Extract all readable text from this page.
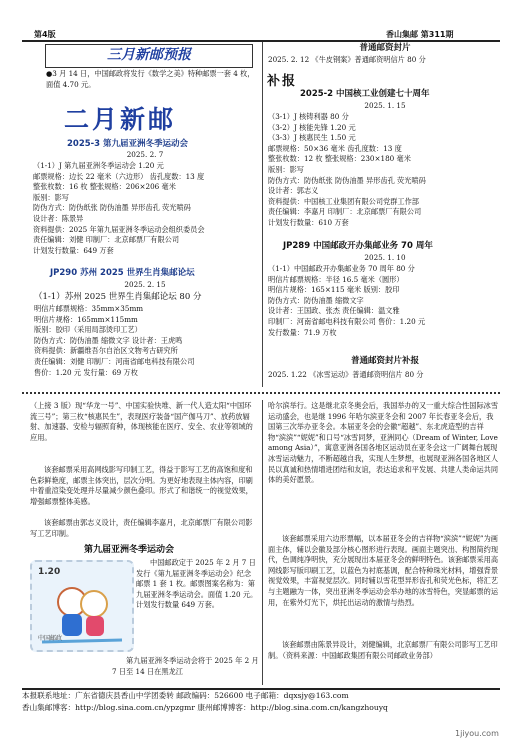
第4版	香山集邮 第311期
三月新邮预报
●3 月 14 日，中国邮政将发行《数学之美》特种邮票一套 4 枚，面值 4.70 元。
二月新邮
2025-3 第九届亚洲冬季运动会
2025. 2. 7
（1-1）J 第九届亚洲冬季运动会 1.20 元
邮票规格：边长 22 毫米（六边形） 齿孔度数：13 度
整张枚数：16 枚 整张规格：206×206 毫米
版别：影写
防伪方式：防伪纸张 防伪油墨 异形齿孔 荧光喷码
设计者：陈景异
资料提供：2025 年第九届亚洲冬季运动会组织委员会
责任编辑：刘健 印制厂：北京邮票厂有限公司
计划发行数量：649 万套
JP290 苏州 2025 世界生肖集邮论坛
2025. 2. 15
（1-1）苏州 2025 世界生肖集邮论坛 80 分
明信片邮票规格：35mm×35mm
明信片规格：165mm×115mm
版别：胶印（采用局部烫印工艺）
防伪方式：防伪油墨 缩微文字 设计者：王虎鸣
资料提供：新疆维吾尔自治区文物考古研究所
责任编辑：刘健 印制厂：河南省邮电科技有限公司
售价：1.20 元 发行量：69 万枚
普通邮资封片
2025. 2. 12 《牛皮钢案》普通邮资明信片 80 分
补报
2025-2 中国核工业创建七十周年
2025. 1. 15
（3-1）J 核铸利器 80 分
（3-2）J 核能先锋 1.20 元
（3-3）J 核惠民生 1.50 元
邮票规格：50×36 毫米 齿孔度数：13 度
整张枚数：12 枚 整张规格：230×180 毫米
版别：影写
防伪方式：防伪纸张 防伪油墨 异形齿孔 荧光喷码
设计者：郭志义
资料提供：中国核工业集团有限公司党群工作部
责任编辑：李嘉月 印制厂：北京邮票厂有限公司
计划发行数量：610 万套
JP289 中国邮政开办集邮业务 70 周年
2025. 1. 10
（1-1）中国邮政开办集邮业务 70 周年 80 分
明信片邮票规格：半径 16.5 毫米（圆形）
明信片规格：165×115 毫米 版别：胶印
防伪方式：防伪油墨 缩微文字
设计者：王国政、张杰 责任编辑：温文雅
印制厂：河南省邮电科技有限公司 售价：1.20 元
发行数量：71.9 万枚
普通邮资封片补报
2025. 1.22 《冰雪运动》普通邮资明信片 80 分
（上接 3 版）现“华龙一号”、中国实验快堆、新一代人造太阳“中国环流三号”；第三枚“核惠民生”，表现医疗装备“国产伽马刀”、放药放辐射、加速器、安检与辐照育种，体现核能在医疗、安全、农业等领域的应用。
该套邮票采用高网线影写印制工艺，得益于影写工艺的高饱和度和色彩鲜艳度，邮票主体突出，层次分明。为更好地表现主体内容，印刷中着重渲染变处理并尽量减少颜色叠印。形式了和谐统一的视觉效果，增强邮票整体美感。
该套邮票由郭志义设计，责任编辑李嘉月，北京邮票厂有限公司影写工艺印制。
第九届亚洲冬季运动会
1.20
中国邮政
中国邮政定于 2025 年 2 月 7 日发行《第九届亚洲冬季运动会》纪念邮票 1 套 1 枚。邮票图案名称为：第九届亚洲冬季运动会。面值 1.20 元。计划发行数量 649 万套。
第九届亚洲冬季运动会将于 2025 年 2 月 7 日至 14 日在黑龙江
哈尔滨举行。这是继北京冬奥会后，我国举办的又一重大综合性国际冰雪运动盛会，也是继 1996 年哈尔滨亚冬会和 2007 年长春亚冬会后，我国第三次举办亚冬会。本届亚冬会的会徽“超越”、东北虎造型的吉祥物“滨滨”“妮妮”和口号“冰雪同梦，亚洲同心（Dream of Winter, Love among Asia）”，寓意亚洲各国各地区运动员在亚冬会这一广阔舞台展现冰雪运动魅力，不断超越自我，实现人生梦想，也展现亚洲各国各地区人民以真诚和热情增进团结和友谊，表达追求和平发展、共建人类命运共同体的美好愿景。
该套邮票采用六边形票幅，以本届亚冬会的吉祥物“滨滨”“妮妮”为画面主体，辅以会徽及部分核心图形进行表现。画面主题突出、构图简约现代，色调纯净明快，充分展现出本届亚冬会的鲜明特色。该套邮票采用高网线影写版印刷工艺，以蓝色为衬底基调，配合特种珠光材料，增强背景视觉效果，丰富视觉层次。同时辅以雪花型异形齿孔和荧光色标，将汇艺与主题融为一体，突出亚洲冬季运动会举办地的冰雪特色，突显邮票的运用，在紫外灯光下，烘托出运动的激情与热烈。
该套邮票由陈景异设计，刘健编辑，北京邮票厂有限公司影写工艺印制。（资料来源：中国邮政集团有限公司邮政业务部）
本报联系地址：广东省德庆县香山中学团委转 邮政编码：526600 电子邮箱：dqxsjy@163.com
香山集邮博客：http://blog.sina.com.cn/ypzgmr 康州邮博博客：http://blog.sina.com.cn/kangzhouyq
1jiyou.com
